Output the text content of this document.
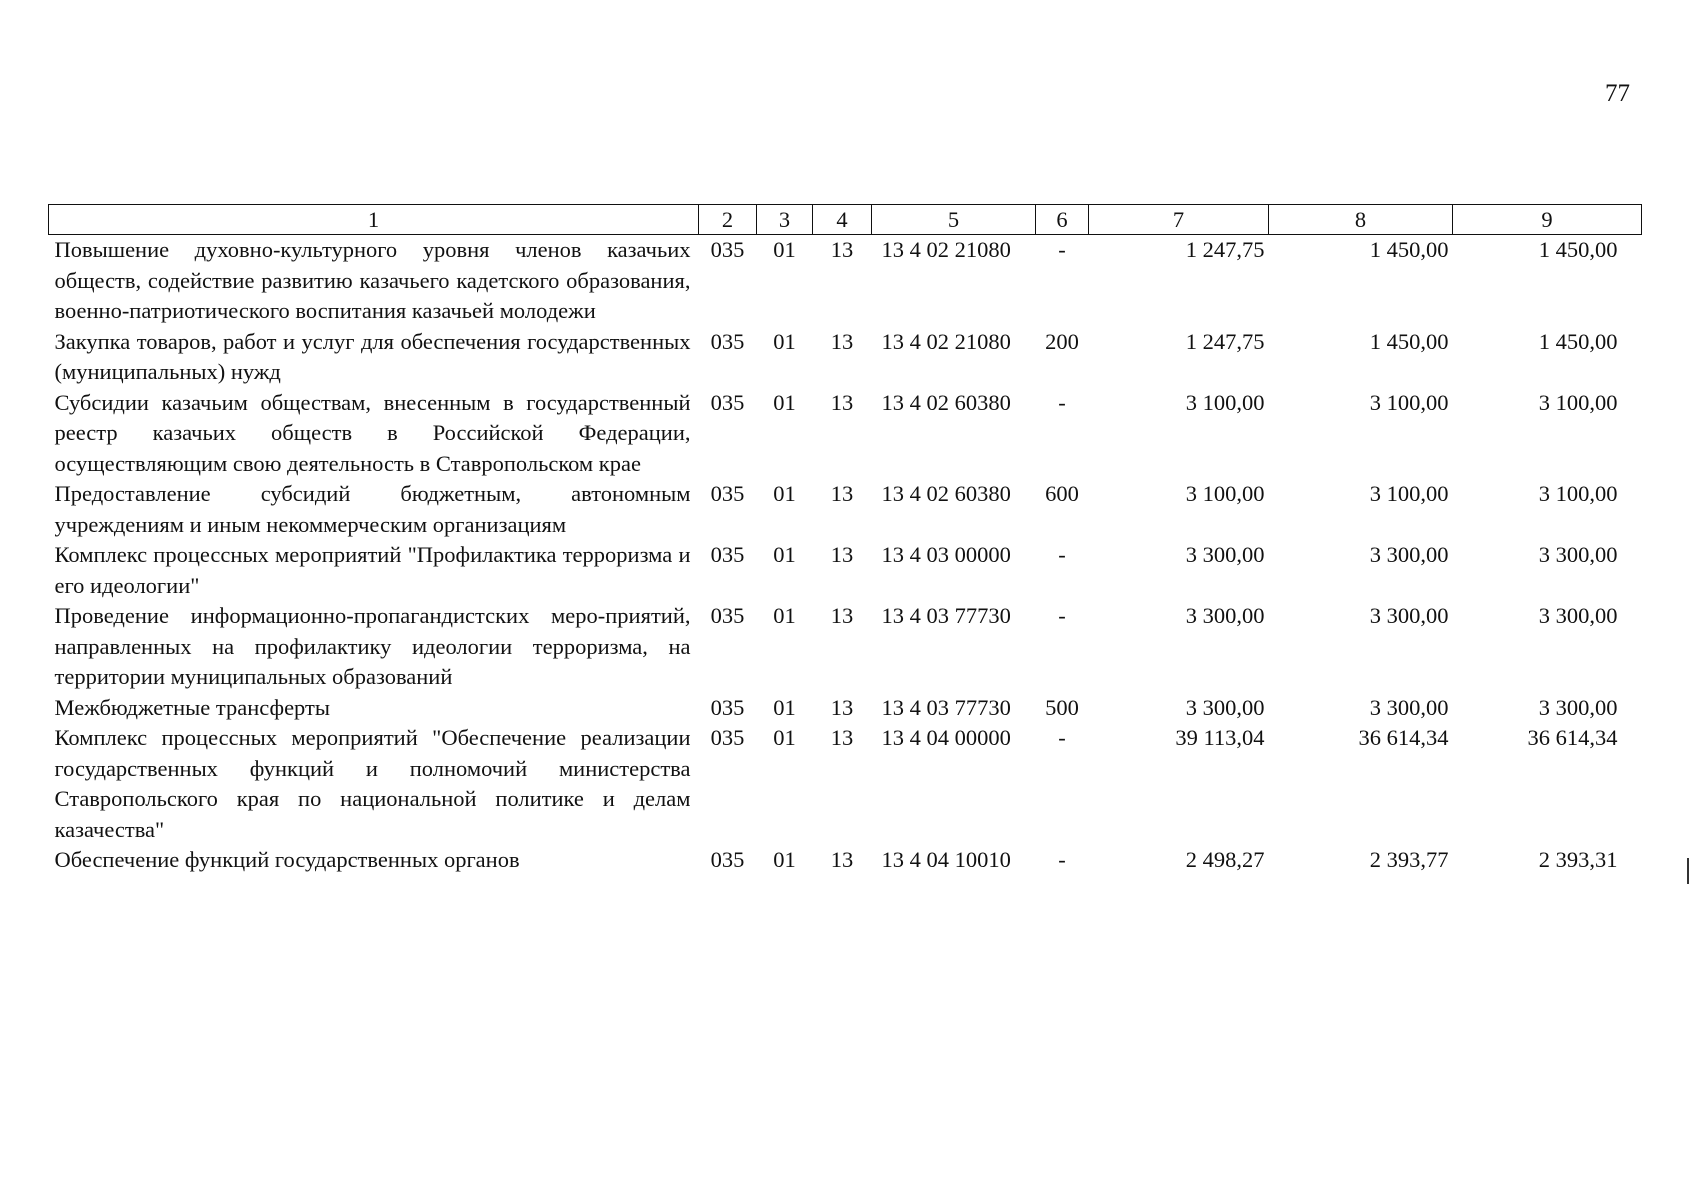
77
1	2	3	4	5	6	7	8	9
Повышение духовно-культурного уровня членов казачьих обществ, содействие развитию казачьего кадетского образования, военно-патриотического воспитания казачьей молодежи	035	01	13	13 4 02 21080	-	1 247,75	1 450,00	1 450,00
Закупка товаров, работ и услуг для обеспечения государственных (муниципальных) нужд	035	01	13	13 4 02 21080	200	1 247,75	1 450,00	1 450,00
Субсидии казачьим обществам, внесенным в государственный реестр казачьих обществ в Российской Федерации, осуществляющим свою деятельность в Ставропольском крае	035	01	13	13 4 02 60380	-	3 100,00	3 100,00	3 100,00
Предоставление субсидий бюджетным, автономным учреждениям и иным некоммерческим организациям	035	01	13	13 4 02 60380	600	3 100,00	3 100,00	3 100,00
Комплекс процессных мероприятий "Профилактика терроризма и его идеологии"	035	01	13	13 4 03 00000	-	3 300,00	3 300,00	3 300,00
Проведение информационно-пропагандистских меро-приятий, направленных на профилактику идеологии терроризма, на территории муниципальных образований	035	01	13	13 4 03 77730	-	3 300,00	3 300,00	3 300,00
Межбюджетные трансферты	035	01	13	13 4 03 77730	500	3 300,00	3 300,00	3 300,00
Комплекс процессных мероприятий "Обеспечение реализации государственных функций и полномочий министерства Ставропольского края по национальной политике и делам казачества"	035	01	13	13 4 04 00000	-	39 113,04	36 614,34	36 614,34
Обеспечение функций государственных органов	035	01	13	13 4 04 10010	-	2 498,27	2 393,77	2 393,31
